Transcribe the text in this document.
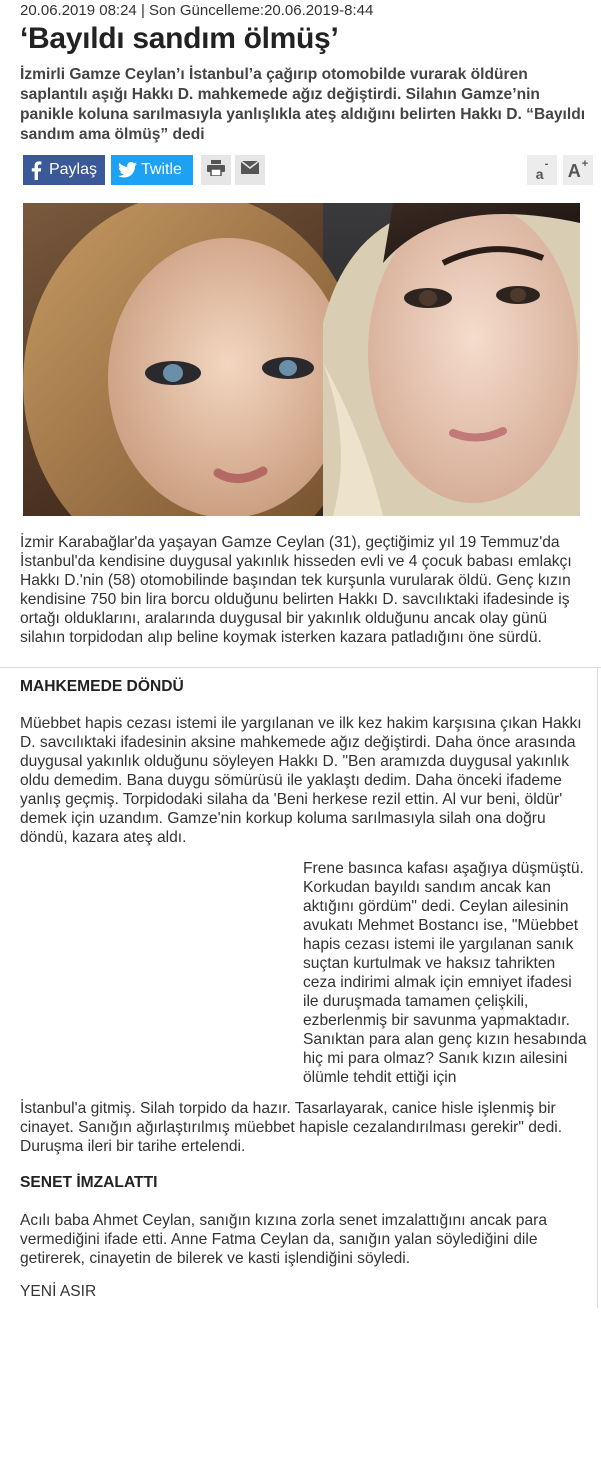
20.06.2019 08:24 | Son Güncelleme:20.06.2019-8:44
‘Bayıldı sandım ölmüş’

İzmirli Gamze Ceylan’ı İstanbul’a çağırıp otomobilde vurarak öldüren saplantılı aşığı Hakkı D. mahkemede ağız değiştirdi. Silahın Gamze’nin panikle koluna sarılmasıyla yanlışlıkla ateş aldığını belirten Hakkı D. “Bayıldı sandım ama ölmüş” dedi

Paylaş	Twitle	a
- A+

İzmir Karabağlar'da yaşayan Gamze Ceylan (31), geçtiğimiz yıl 19 Temmuz'da İstanbul'da kendisine duygusal yakınlık hisseden evli ve 4 çocuk babası emlakçı Hakkı D.'nin (58) otomobilinde başından tek kurşunla vurularak öldü. Genç kızın kendisine 750 bin lira borcu olduğunu belirten Hakkı D. savcılıktaki ifadesinde iş ortağı olduklarını, aralarında duygusal bir yakınlık olduğunu ancak olay günü silahın torpidodan alıp beline koymak isterken kazara patladığını öne sürdü.

MAHKEMEDE DÖNDÜ

Müebbet hapis cezası istemi ile yargılanan ve ilk kez hakim karşısına çıkan Hakkı D. savcılıktaki ifadesinin aksine mahkemede ağız değiştirdi. Daha önce arasında duygusal yakınlık olduğunu söyleyen Hakkı D. "Ben aramızda duygusal yakınlık oldu demedim. Bana duygu sömürüsü ile yaklaştı dedim. Daha önceki ifademe yanlış geçmiş. Torpidodaki silaha da 'Beni herkese rezil ettin. Al vur beni, öldür' demek için uzandım. Gamze'nin korkup koluma sarılmasıyla silah ona doğru döndü, kazara ateş aldı.

Frene basınca kafası aşağıya düşmüştü. Korkudan bayıldı sandım ancak kan aktığını gördüm" dedi. Ceylan ailesinin avukatı Mehmet Bostancı ise, "Müebbet hapis cezası istemi ile yargılanan sanık suçtan kurtulmak ve haksız tahrikten ceza indirimi almak için emniyet ifadesi ile duruşmada tamamen çelişkili, ezberlenmiş bir savunma yapmaktadır. Sanıktan para alan genç kızın hesabında hiç mi para olmaz? Sanık kızın ailesini ölümle tehdit ettiği için

İstanbul'a gitmiş. Silah torpido da hazır. Tasarlayarak, canice hisle işlenmiş bir cinayet. Sanığın ağırlaştırılmış müebbet hapisle cezalandırılması gerekir" dedi. Duruşma ileri bir tarihe ertelendi.

SENET İMZALATTI

Acılı baba Ahmet Ceylan, sanığın kızına zorla senet imzalattığını ancak para vermediğini ifade etti. Anne Fatma Ceylan da, sanığın yalan söylediğini dile getirerek, cinayetin de bilerek ve kasti işlendiğini söyledi.

YENİ ASIR
